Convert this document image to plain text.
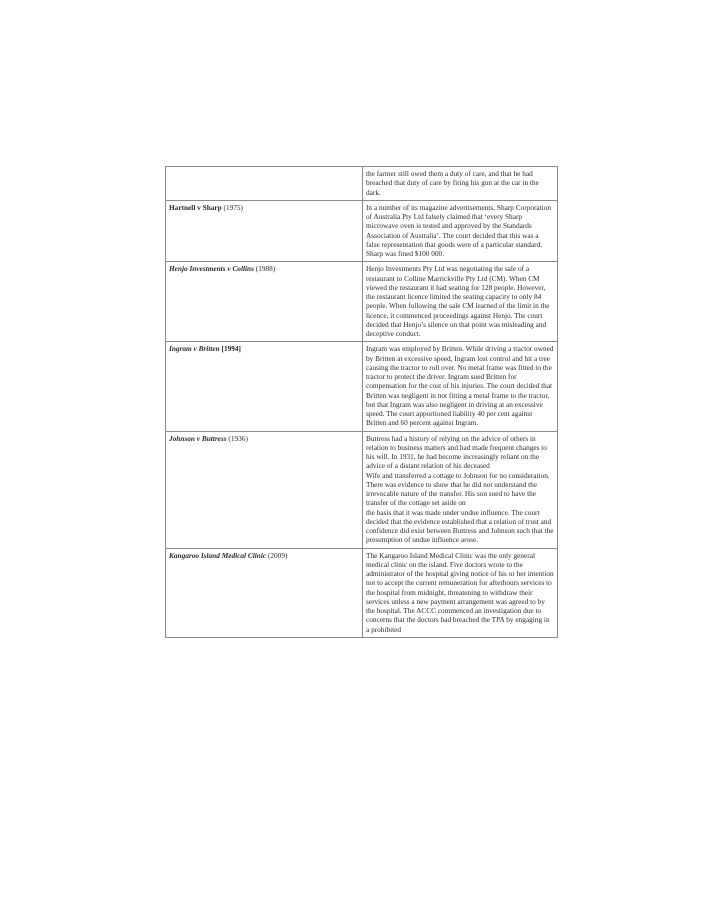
	the farmer still owed them a duty of care, and that he had breached that duty of care by firing his gun at the car in the dark.

Hartnell v Sharp (1975)	In a number of its magazine advertisements, Sharp Corporation of Australia Pty Ltd falsely claimed that ‘every Sharp microwave oven is tested and approved by the Standards Association of Australia’. The court decided that this was a false representation that goods were of a particular standard. Sharp was fined $100 000.

Henjo Investments v Collins (1988)	Henjo Investments Pty Ltd was negotiating the sale of a restaurant to Colline Marrickville Pty Ltd (CM). When CM viewed the restaurant it had seating for 128 people. However, the restaurant licence limited the seating capacity to only 84 people. When following the sale CM learned of the limit in the licence, it commenced proceedings against Henjo. The court decided that Henjo’s silence on that point was misleading and deceptive conduct.

Ingram v Britten [1994]	Ingram was employed by Britten. While driving a tractor owned by Britten at excessive speed, Ingram lost control and hit a tree causing the tractor to roll over. No metal frame was fitted to the tractor to protect the driver. Ingram sued Britten for compensation for the cost of his injuries. The court decided that Britten was negligent in not fitting a metal frame to the tractor, but that Ingram was also negligent in driving at an excessive speed. The court apportioned liability 40 per cent against Britten and 60 percent against Ingram.

Johnson v Buttress (1936)	Buttress had a history of relying on the advice of others in relation to business matters and had made frequent changes to his will. In 1931, he had become increasingly reliant on the advice of a distant relation of his deceased
Wife and transferred a cottage to Johnson for no consideration. There was evidence to show that he did not understand the irrevocable nature of the transfer. His son sued to have the transfer of the cottage set aside on
the basis that it was made under undue influence. The court decided that the evidence established that a relation of trust and confidence did exist between Buttress and Johnson such that the presumption of undue influence arose.

Kangaroo Island Medical Clinic (2009)	The Kangaroo Island Medical Clinic was the only general medical clinic on the island. Five doctors wrote to the administrator of the hospital giving notice of his or her intention not to accept the current remuneration for afterhours services to the hospital from midnight, threatening to withdraw their services unless a new payment arrangement was agreed to by the hospital. The ACCC commenced an investigation due to concerns that the doctors had breached the TPA by engaging in a prohibited
